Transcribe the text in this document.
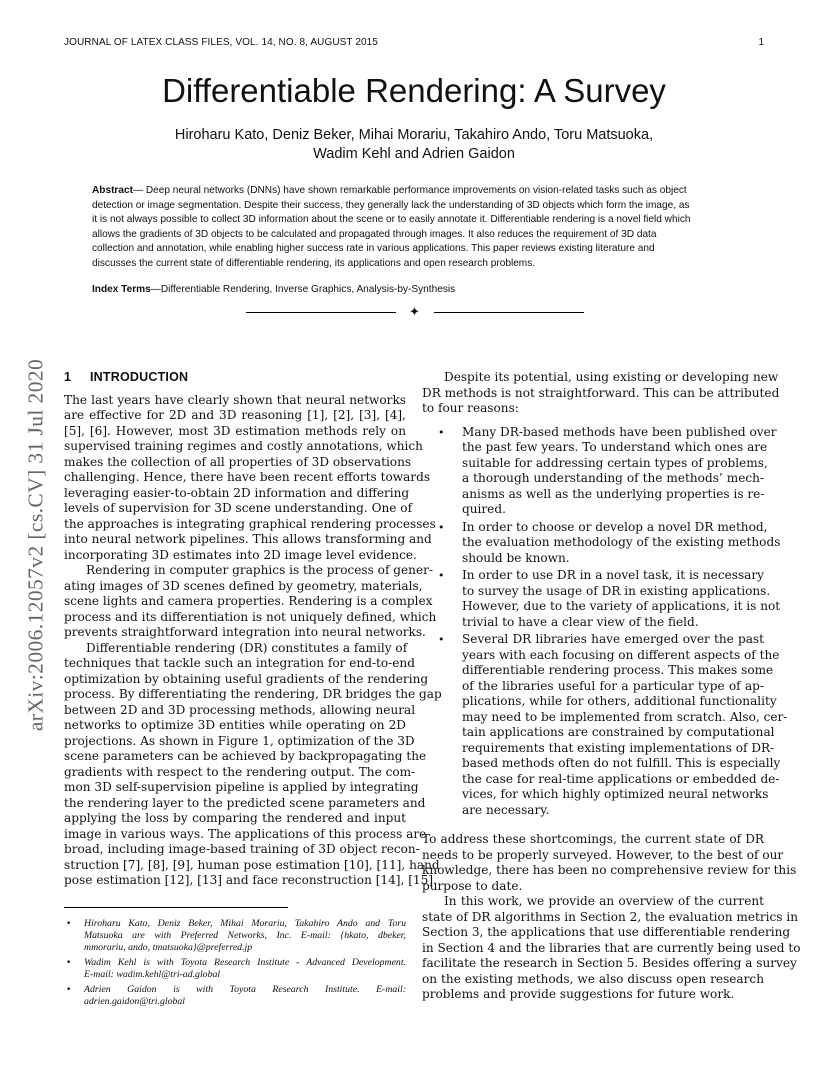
JOURNAL OF LATEX CLASS FILES, VOL. 14, NO. 8, AUGUST 2015	1
Differentiable Rendering: A Survey
Hiroharu Kato, Deniz Beker, Mihai Morariu, Takahiro Ando, Toru Matsuoka,
Wadim Kehl and Adrien Gaidon
Abstract— Deep neural networks (DNNs) have shown remarkable performance improvements on vision-related tasks such as object
detection or image segmentation. Despite their success, they generally lack the understanding of 3D objects which form the image, as
it is not always possible to collect 3D information about the scene or to easily annotate it. Differentiable rendering is a novel field which
allows the gradients of 3D objects to be calculated and propagated through images. It also reduces the requirement of 3D data
collection and annotation, while enabling higher success rate in various applications. This paper reviews existing literature and
discusses the current state of differentiable rendering, its applications and open research problems.
Index Terms—Differentiable Rendering, Inverse Graphics, Analysis-by-Synthesis
✦
arXiv:2006.12057v2 [cs.CV] 31 Jul 2020 1 INTRODUCTION
The last years have clearly shown that neural networks
are effective for 2D and 3D reasoning [1], [2], [3], [4],
[5], [6]. However, most 3D estimation methods rely on
supervised training regimes and costly annotations, which
makes the collection of all properties of 3D observations
challenging. Hence, there have been recent efforts towards
leveraging easier-to-obtain 2D information and differing
levels of supervision for 3D scene understanding. One of
the approaches is integrating graphical rendering processes
into neural network pipelines. This allows transforming and
incorporating 3D estimates into 2D image level evidence.
Rendering in computer graphics is the process of gener-
ating images of 3D scenes defined by geometry, materials,
scene lights and camera properties. Rendering is a complex
process and its differentiation is not uniquely defined, which
prevents straightforward integration into neural networks.
Differentiable rendering (DR) constitutes a family of
techniques that tackle such an integration for end-to-end
optimization by obtaining useful gradients of the rendering
process. By differentiating the rendering, DR bridges the gap
between 2D and 3D processing methods, allowing neural
networks to optimize 3D entities while operating on 2D
projections. As shown in Figure 1, optimization of the 3D
scene parameters can be achieved by backpropagating the
gradients with respect to the rendering output. The com-
mon 3D self-supervision pipeline is applied by integrating
the rendering layer to the predicted scene parameters and
applying the loss by comparing the rendered and input
image in various ways. The applications of this process are
broad, including image-based training of 3D object recon-
struction [7], [8], [9], human pose estimation [10], [11], hand
pose estimation [12], [13] and face reconstruction [14], [15].
• Hiroharu Kato, Deniz Beker, Mihai Morariu, Takahiro Ando and Toru
Matsuoka are with Preferred Networks, Inc. E-mail: {hkato, dbeker,
mmorariu, ando, tmatsuoka}@preferred.jp
• Wadim Kehl is with Toyota Research Institute - Advanced Development.
E-mail: wadim.kehl@tri-ad.global
• Adrien Gaidon is with Toyota Research Institute. E-mail:
adrien.gaidon@tri.global
Despite its potential, using existing or developing new
DR methods is not straightforward. This can be attributed
to four reasons:
• Many DR-based methods have been published over
the past few years. To understand which ones are
suitable for addressing certain types of problems,
a thorough understanding of the methods’ mech-
anisms as well as the underlying properties is re-
quired.
• In order to choose or develop a novel DR method,
the evaluation methodology of the existing methods
should be known.
• In order to use DR in a novel task, it is necessary
to survey the usage of DR in existing applications.
However, due to the variety of applications, it is not
trivial to have a clear view of the field.
• Several DR libraries have emerged over the past
years with each focusing on different aspects of the
differentiable rendering process. This makes some
of the libraries useful for a particular type of ap-
plications, while for others, additional functionality
may need to be implemented from scratch. Also, cer-
tain applications are constrained by computational
requirements that existing implementations of DR-
based methods often do not fulfill. This is especially
the case for real-time applications or embedded de-
vices, for which highly optimized neural networks
are necessary.
To address these shortcomings, the current state of DR
needs to be properly surveyed. However, to the best of our
knowledge, there has been no comprehensive review for this
purpose to date.
In this work, we provide an overview of the current
state of DR algorithms in Section 2, the evaluation metrics in
Section 3, the applications that use differentiable rendering
in Section 4 and the libraries that are currently being used to
facilitate the research in Section 5. Besides offering a survey
on the existing methods, we also discuss open research
problems and provide suggestions for future work.
